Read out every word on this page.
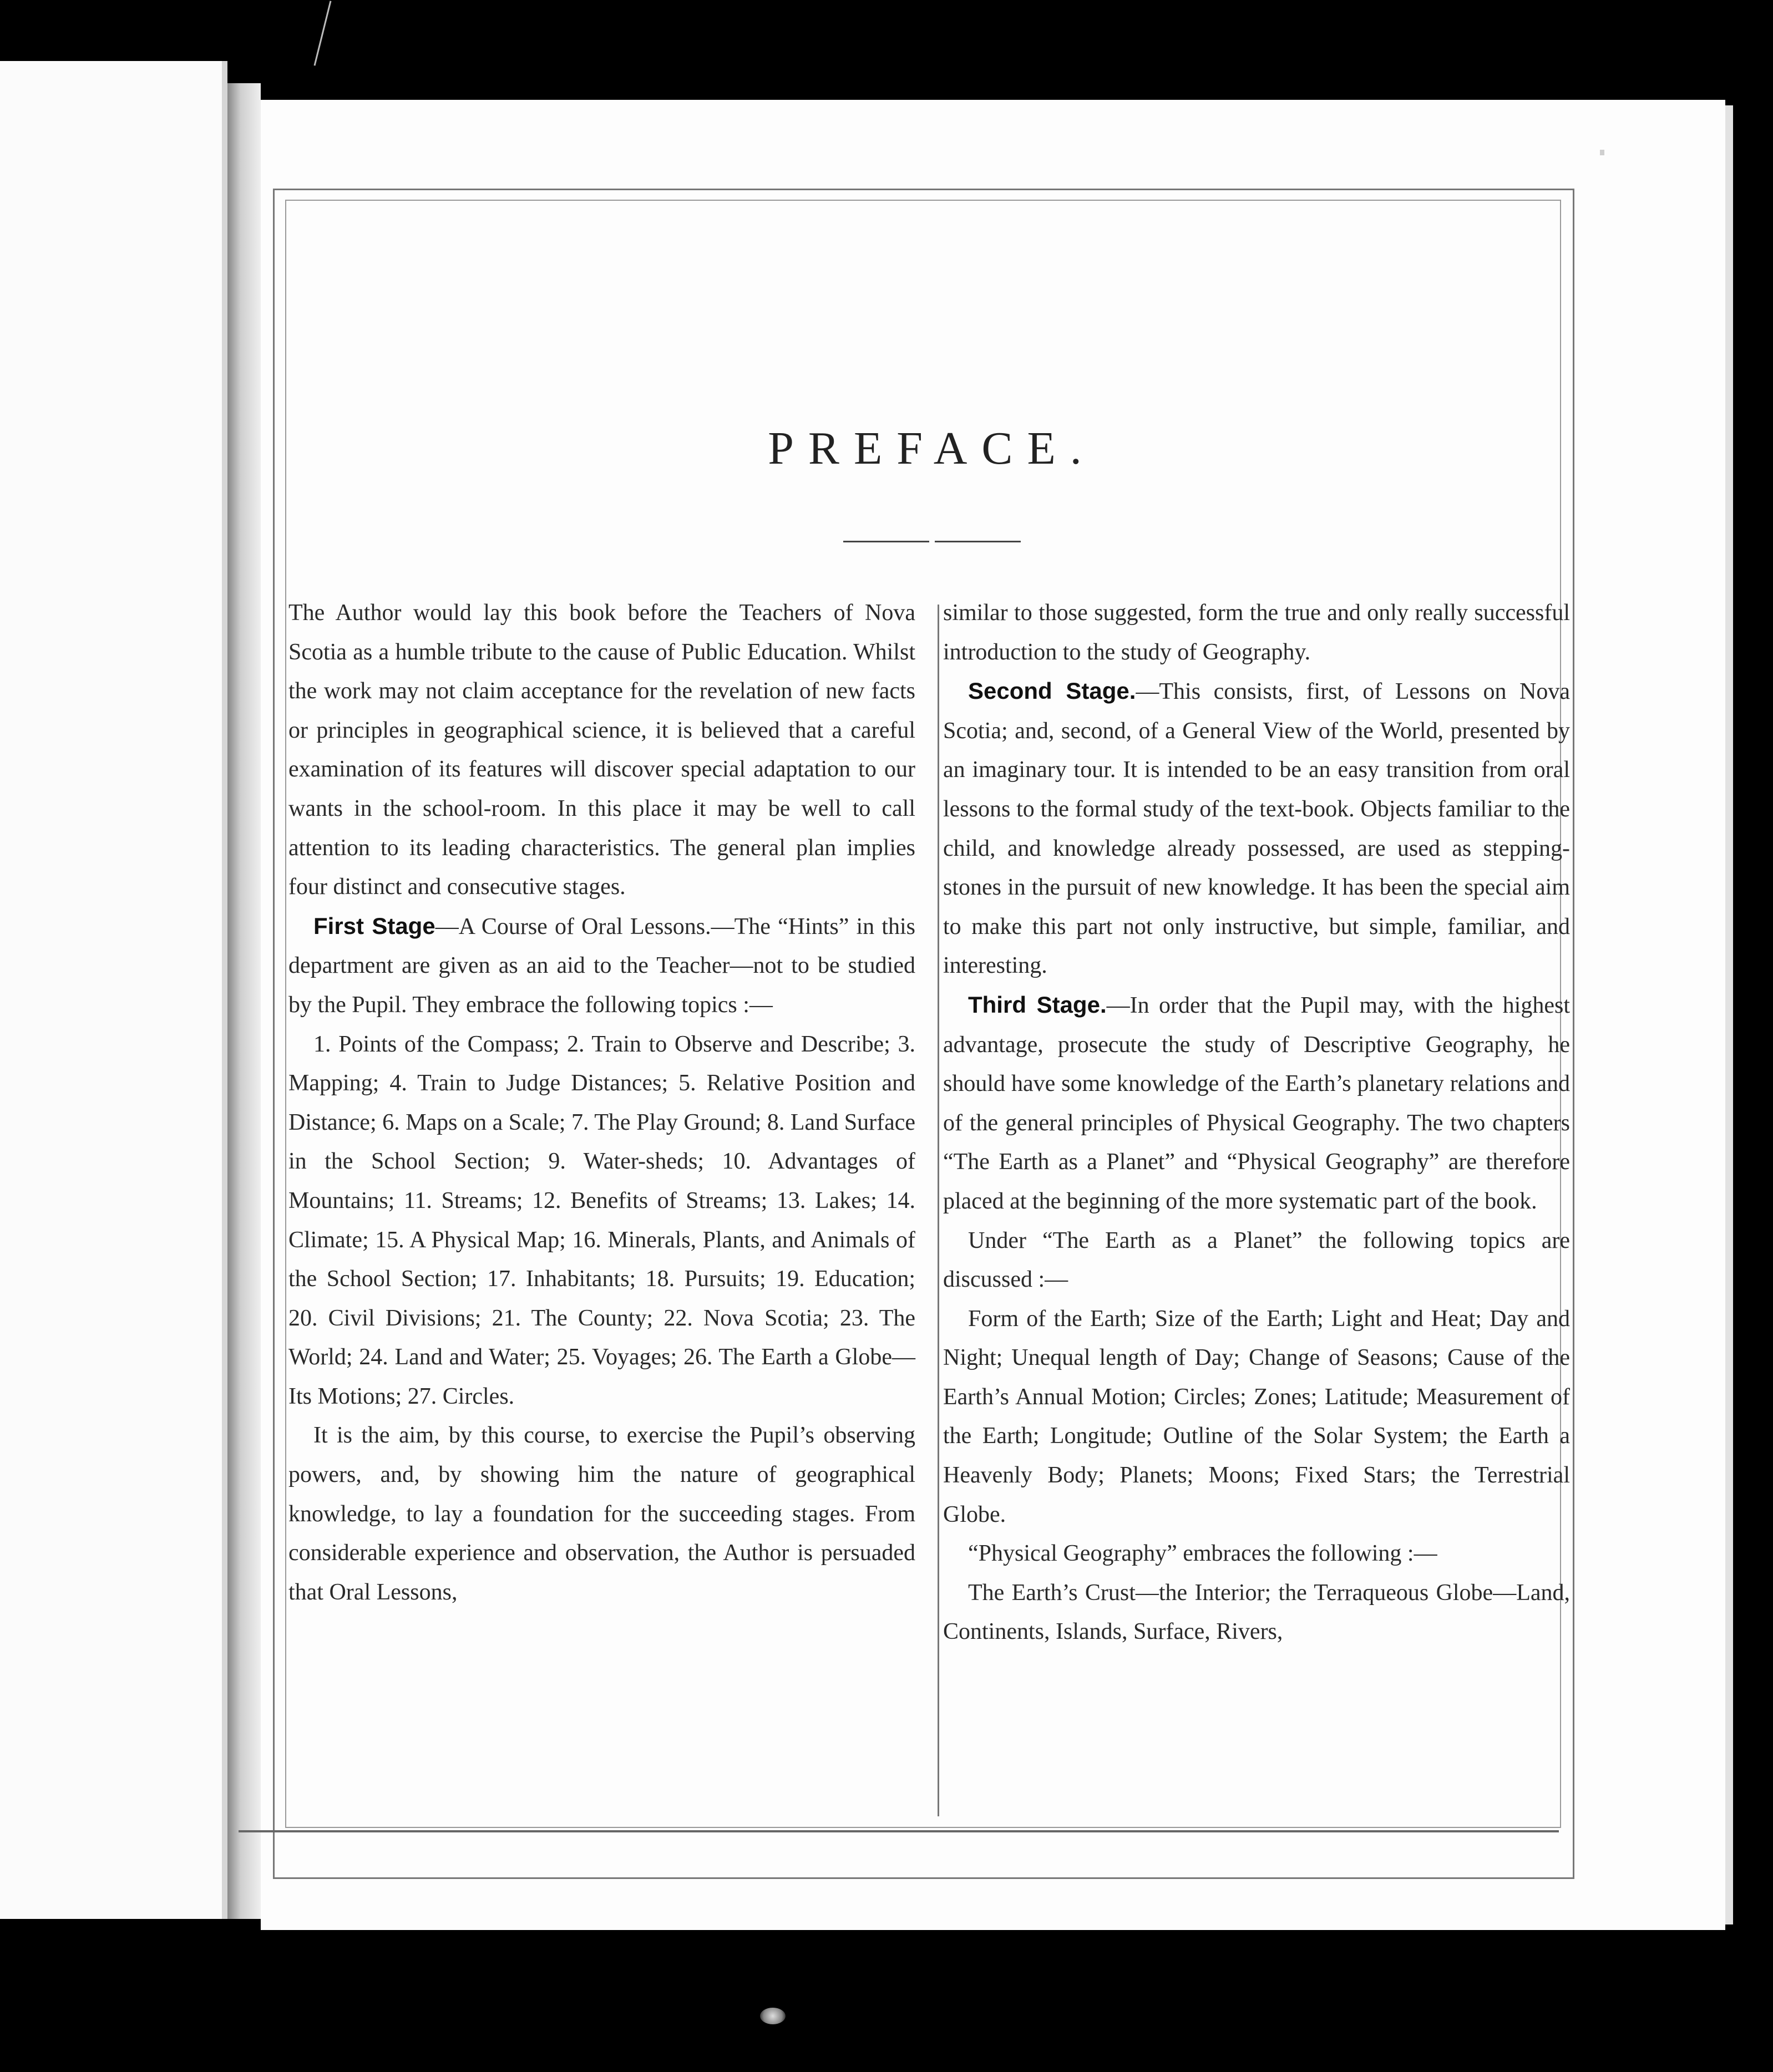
PREFACE.

The Author would lay this book before the Teachers of Nova Scotia as a humble tribute to the cause of Public Education. Whilst the work may not claim acceptance for the revelation of new facts or principles in geographical science, it is believed that a careful examination of its features will discover special adaptation to our wants in the school-room. In this place it may be well to call attention to its leading characteristics. The general plan implies four distinct and consecutive stages.

First Stage—A Course of Oral Lessons.—The “Hints” in this department are given as an aid to the Teacher—not to be studied by the Pupil. They embrace the following topics :—

1. Points of the Compass; 2. Train to Observe and Describe; 3. Mapping; 4. Train to Judge Distances; 5. Relative Position and Distance; 6. Maps on a Scale; 7. The Play Ground; 8. Land Surface in the School Section; 9. Water-sheds; 10. Advantages of Mountains; 11. Streams; 12. Benefits of Streams; 13. Lakes; 14. Climate; 15. A Physical Map; 16. Minerals, Plants, and Animals of the School Section; 17. Inhabitants; 18. Pursuits; 19. Education; 20. Civil Divisions; 21. The County; 22. Nova Scotia; 23. The World; 24. Land and Water; 25. Voyages; 26. The Earth a Globe—Its Motions; 27. Circles.

It is the aim, by this course, to exercise the Pupil’s observing powers, and, by showing him the nature of geographical knowledge, to lay a foundation for the succeeding stages. From considerable experience and observation, the Author is persuaded that Oral Lessons,

similar to those suggested, form the true and only really successful introduction to the study of Geography.

Second Stage.—This consists, first, of Lessons on Nova Scotia; and, second, of a General View of the World, presented by an imaginary tour. It is intended to be an easy transition from oral lessons to the formal study of the text-book. Objects familiar to the child, and knowledge already possessed, are used as stepping-stones in the pursuit of new knowledge. It has been the special aim to make this part not only instructive, but simple, familiar, and interesting.

Third Stage.—In order that the Pupil may, with the highest advantage, prosecute the study of Descriptive Geography, he should have some knowledge of the Earth’s planetary relations and of the general principles of Physical Geography. The two chapters “The Earth as a Planet” and “Physical Geography” are therefore placed at the beginning of the more systematic part of the book.

Under “The Earth as a Planet” the following topics are discussed :—

Form of the Earth; Size of the Earth; Light and Heat; Day and Night; Unequal length of Day; Change of Seasons; Cause of the Earth’s Annual Motion; Circles; Zones; Latitude; Measurement of the Earth; Longitude; Outline of the Solar System; the Earth a Heavenly Body; Planets; Moons; Fixed Stars; the Terrestrial Globe.

“Physical Geography” embraces the following :—

The Earth’s Crust—the Interior; the Terraqueous Globe—Land, Continents, Islands, Surface, Rivers,
